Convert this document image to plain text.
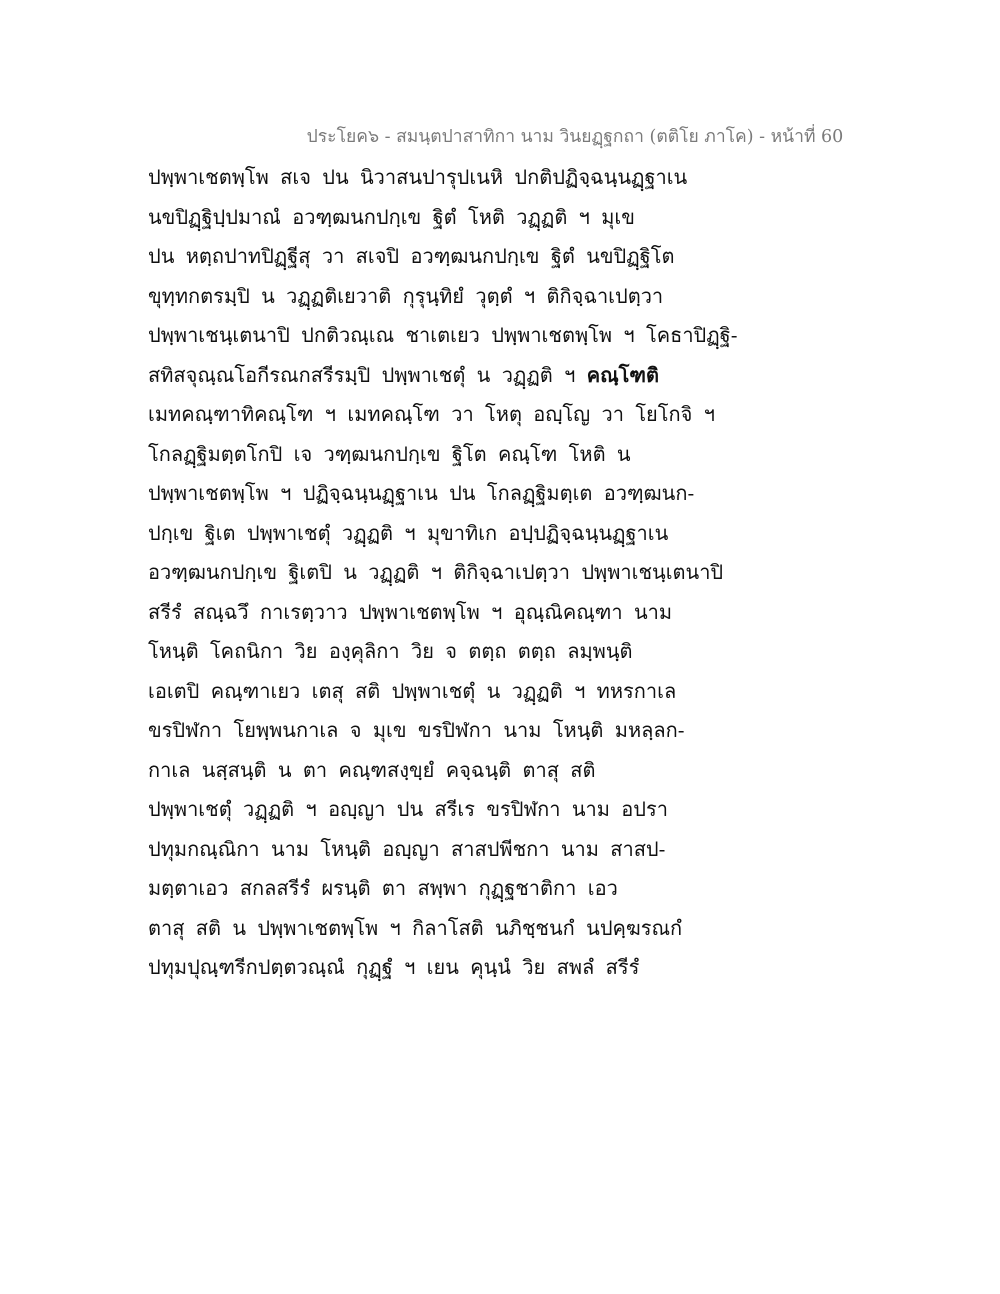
ประโยค๖ - สมนฺตปาสาทิกา นาม วินยฏฺฐกถา (ตติโย ภาโค) - หน้าที่ 60
ปพฺพาเชตพฺโพ สเจ ปน นิวาสนปารุปเนหิ ปกติปฏิจฺฉนฺนฏฺฐาเน
นขปิฏฺฐิปฺปมาณํ อวฑฺฒนกปกฺเข ฐิตํ โหติ วฏฺฏติ ฯ มุเข
ปน หตฺถปาทปิฏฺฐีสุ วา สเจปิ อวฑฺฒนกปกฺเข ฐิตํ นขปิฏฺฐิโต
ขุทฺทกตรมฺปิ น วฏฺฏติเยวาติ กุรุนฺทิยํ วุตฺตํ ฯ ติกิจฺฉาเปตฺวา
ปพฺพาเชนฺเตนาปิ ปกติวณฺเณ ชาเตเยว ปพฺพาเชตพฺโพ ฯ โคธาปิฏฺฐิ-
สทิสจุณฺณโอกีรณกสรีรมฺปิ ปพฺพาเชตุํ น วฏฺฏติ ฯ คณฺโฑติ
เมทคณฺฑาทิคณฺโฑ ฯ เมทคณฺโฑ วา โหตุ อญฺโญ วา โยโกจิ ฯ
โกลฏฺฐิมตฺตโกปิ เจ วฑฺฒนกปกฺเข ฐิโต คณฺโฑ โหติ น
ปพฺพาเชตพฺโพ ฯ ปฏิจฺฉนฺนฏฺฐาเน ปน โกลฏฺฐิมตฺเต อวฑฺฒนก-
ปกฺเข ฐิเต ปพฺพาเชตุํ วฏฺฏติ ฯ มุขาทิเก อปฺปฏิจฺฉนฺนฏฺฐาเน
อวฑฺฒนกปกฺเข ฐิเตปิ น วฏฺฏติ ฯ ติกิจฺฉาเปตฺวา ปพฺพาเชนฺเตนาปิ
สรีรํ สณฺฉวึ กาเรตฺวาว ปพฺพาเชตพฺโพ ฯ อุณฺณิคณฺฑา นาม
โหนฺติ โคถนิกา วิย องฺคุลิกา วิย จ ตตฺถ ตตฺถ ลมฺพนฺติ
เอเตปิ คณฺฑาเยว เตสุ สติ ปพฺพาเชตุํ น วฏฺฏติ ฯ ทหรกาเล
ขรปิฬกา โยพฺพนกาเล จ มุเข ขรปิฬกา นาม โหนฺติ มหลฺลก-
กาเล นสฺสนฺติ น ตา คณฺฑสงฺขฺยํ คจฺฉนฺติ ตาสุ สติ
ปพฺพาเชตุํ วฏฺฏติ ฯ อญฺญา ปน สรีเร ขรปิฬกา นาม อปรา
ปทุมกณฺณิกา นาม โหนฺติ อญฺญา สาสปพีชกา นาม สาสป-
มตฺตาเอว สกลสรีรํ ผรนฺติ ตา สพฺพา กุฏฺฐชาติกา เอว
ตาสุ สติ น ปพฺพาเชตพฺโพ ฯ กิลาโสติ นภิชฺชนกํ นปคฺฆรณกํ
ปทุมปุณฺฑรีกปตฺตวณฺณํ กุฏฺฐํ ฯ เยน คุนฺนํ วิย สพลํ สรีรํ
